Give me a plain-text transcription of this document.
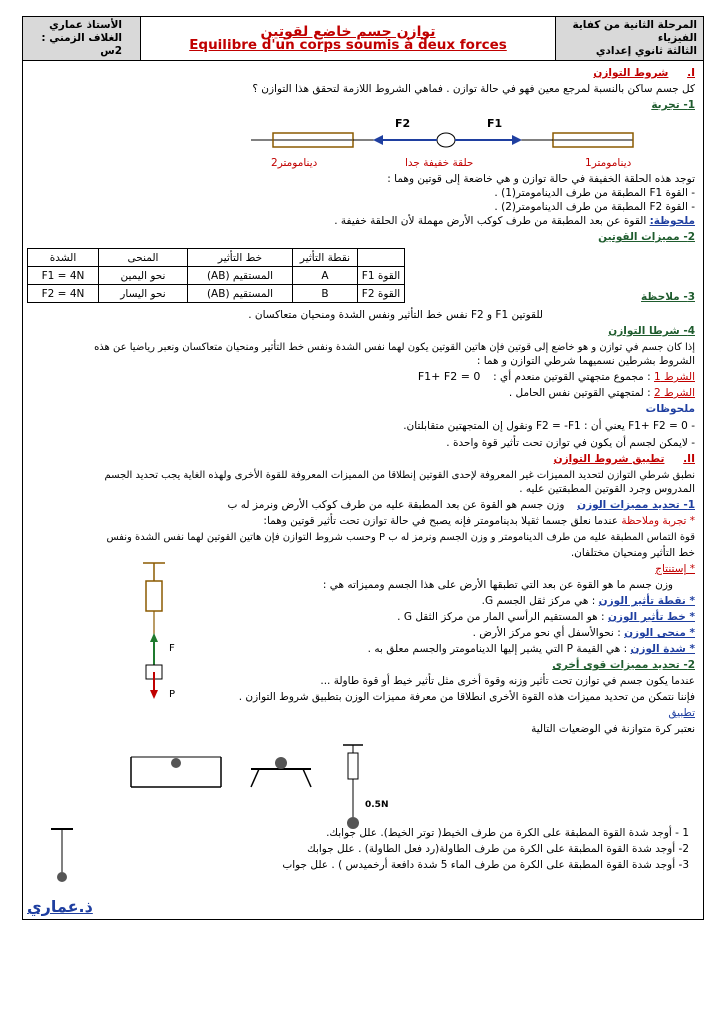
الأستاذ عماري
الغلاف الزمني : 2س
توازن جسم خاضع لقوتين
Equilibre d'un corps soumis à deux forces
المرحلة الثانية من كفاية الفيزياء
الثالثة ثانوي إعدادي
I.  شروط التوازن
كل جسم ساكن بالنسبة لمرجع معين فهو في حالة توازن . فماهي الشروط اللازمة لتحقق هذا التوازن ؟
1- تجربة
F2	F1
دينامومتر2	حلقة خفيفة جدا	دينامومتر1
توجد هذه الحلقة الخفيفة في حالة توازن و هي خاضعة إلى قوتين وهما :
- القوة F1 المطبقة من طرف الدينامومتر(1) .
- القوة F2 المطبقة من طرف الدينامومتر(2) .
ملحوظة: القوة عن بعد المطبقة من طرف كوكب الأرض مهملة لأن الحلقة خفيفة .
2- مميزات القوتين
	نقطة التأثير	خط التأثير	المنحى	الشدة
القوة F1	A	المستقيم (AB)	نحو اليمين	F1 = 4N
القوة F2	B	المستقيم (AB)	نحو اليسار	F2 = 4N	3- ملاحظة
للقوتين F1 و F2 نفس خط التأثير ونفس الشدة ومنحيان متعاكسان .
4- شرطا التوازن
إذا كان جسم في توازن و هو خاضع إلى قوتين فإن هاتين القوتين يكون لهما نفس الشدة ونفس خط التأثير ومنحيان متعاكسان ونعبر رياضيا عن هذه
الشروط بشرطين نسميهما شرطي التوازن و هما :
الشرط 1 : مجموع متجهتي القوتين منعدم أي :  F1+ F2 = 0
الشرط 2 : لمتجهتي القوتين نفس الحامل .
ملحوظات
- F1+ F2 = 0 يعني أن : F2 = -F1 ونقول إن المتجهتين متقابلتان.
- لايمكن لجسم أن يكون في توازن تحت تأثير قوة واحدة .
II.  تطبيق شروط التوازن
نطبق شرطي التوازن لتحديد المميزات غير المعروفة لإحدى القوتين إنطلاقا من المميزات المعروفة للقوة الأخرى ولهذه الغاية يجب تحديد الجسم
المدروس وجرد القوتين المطبقتين عليه .
1- تحديد مميزات الوزن  وزن جسم هو القوة عن بعد المطبقة عليه من طرف كوكب الأرض ونرمز له ب
* تجربة وملاحظة عندما نعلق جسما ثقيلا بدينامومتر فإنه يصبح في حالة توازن تحت تأثير قوتين وهما:
قوة التماس المطبقة عليه من طرف الدينامومتر و وزن الجسم ونرمز له ب P وحسب شروط التوازن فإن هاتين القوتين لهما نفس الشدة ونفس
خط التأثير ومنحيان مختلفان.
F
P
* إستنتاج
وزن جسم ما هو القوة عن بعد التي تطبقها الأرض على هذا الجسم ومميزاته هي :
* نقطة تأثير الوزن : هي مركز ثقل الجسم G.
* خط تأثير الوزن : هو المستقيم الرأسي المار من مركز الثقل G .
* منحى الوزن : نحوالأسفل أي نحو مركز الأرض .
* شدة الوزن : هي القيمة P التي يشير إليها الدينامومتر والجسم معلق به .
2- تحديد مميزات قوى أخرى
عندما يكون جسم في توازن تحت تأثير وزنه وقوة أخرى مثل تأثير خيط أو قوة طاولة ...
فإننا نتمكن من تحديد مميزات هذه القوة الأخرى انطلاقا من معرفة مميزات الوزن بتطبيق شروط التوازن .
تطبيق
نعتبر كرة متوازنة في الوضعيات التالية
0.5N
1 - أوجد شدة القوة المطبقة على الكرة من طرف الخيط( توتر الخيط). علل جوابك.
2- أوجد شدة القوة المطبقة على الكرة من طرف الطاولة(رد فعل الطاولة) . علل جوابك
3- أوجد شدة القوة المطبقة على الكرة من طرف الماء 5 شدة دافعة أرخميدس ) . علل جواب
ذ.عماري
